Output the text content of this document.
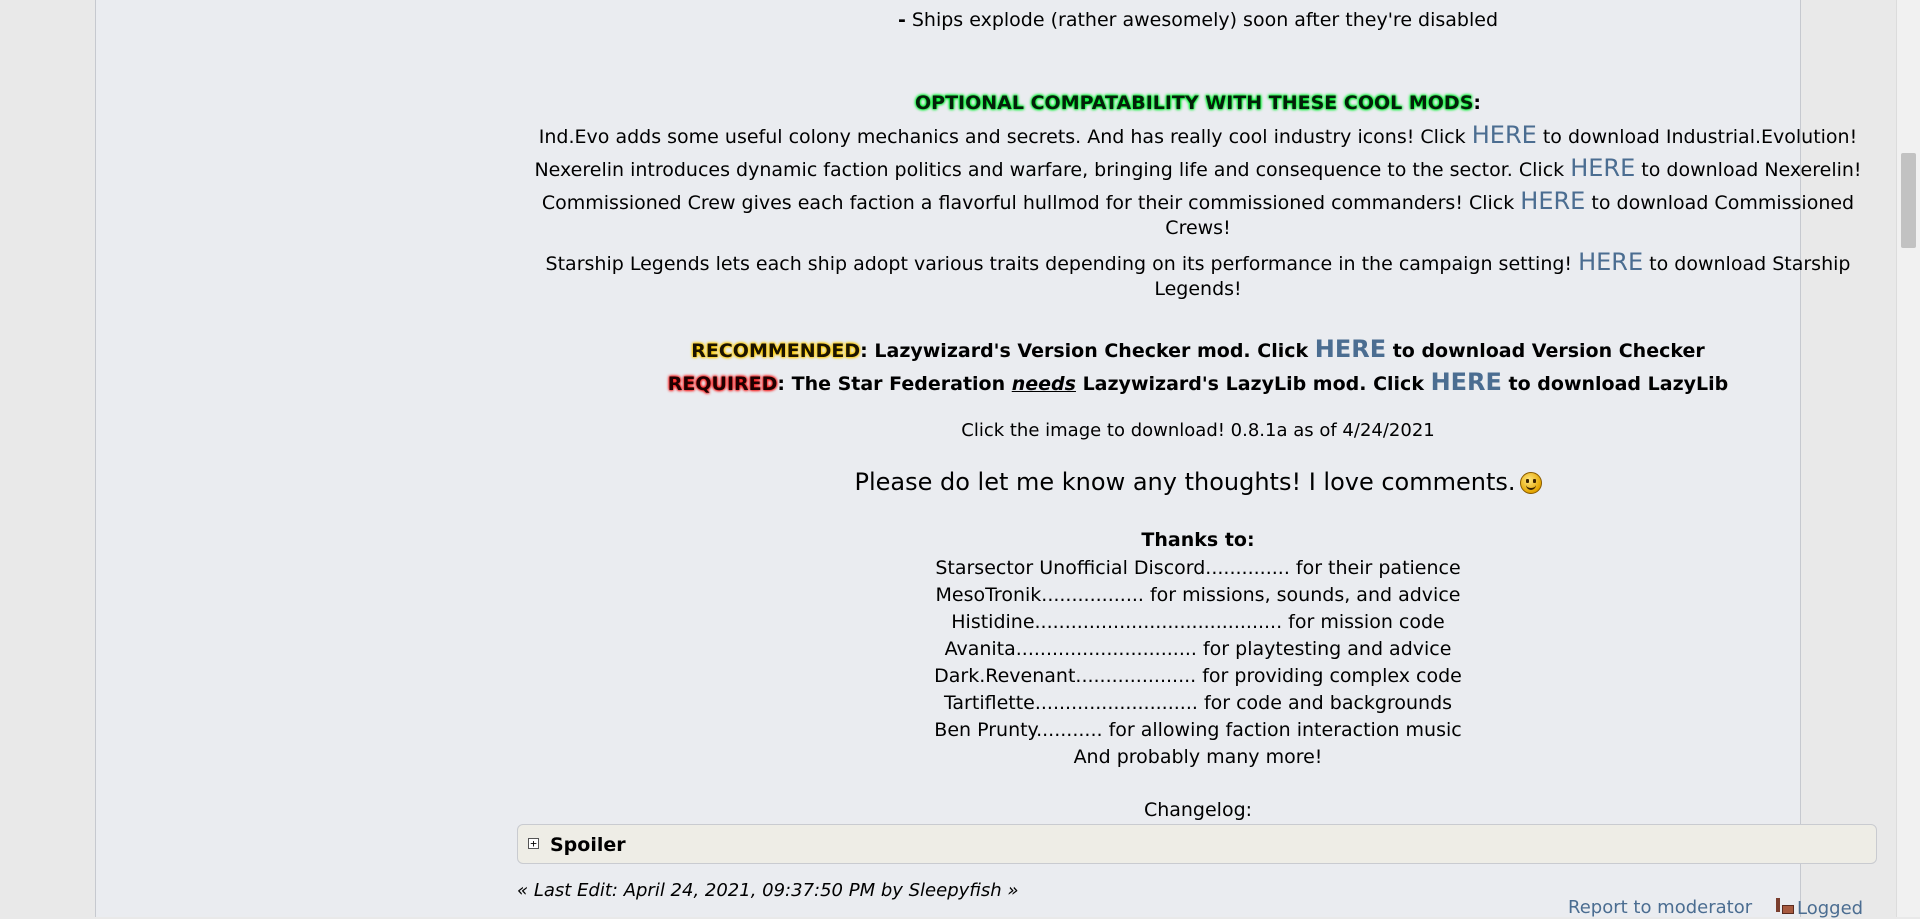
- Ships explode (rather awesomely) soon after they're disabled
OPTIONAL COMPATABILITY WITH THESE COOL MODS:
Ind.Evo adds some useful colony mechanics and secrets. And has really cool industry icons! Click HERE to download Industrial.Evolution!
Nexerelin introduces dynamic faction politics and warfare, bringing life and consequence to the sector. Click HERE to download Nexerelin!
Commissioned Crew gives each faction a flavorful hullmod for their commissioned commanders! Click HERE to download Commissioned
Crews!
Starship Legends lets each ship adopt various traits depending on its performance in the campaign setting! HERE to download Starship
Legends!
RECOMMENDED: Lazywizard's Version Checker mod. Click HERE to download Version Checker
REQUIRED: The Star Federation needs Lazywizard's LazyLib mod. Click HERE to download LazyLib
Click the image to download! 0.8.1a as of 4/24/2021
Please do let me know any thoughts! I love comments.
Thanks to:
Starsector Unofficial Discord.............. for their patience
MesoTronik................. for missions, sounds, and advice
Histidine......................................... for mission code
Avanita.............................. for playtesting and advice
Dark.Revenant.................... for providing complex code
Tartiflette........................... for code and backgrounds
Ben Prunty........... for allowing faction interaction music
And probably many more!
Changelog:
+ Spoiler
« Last Edit: April 24, 2021, 09:37:50 PM by Sleepyfish »
Report to moderator	Logged
